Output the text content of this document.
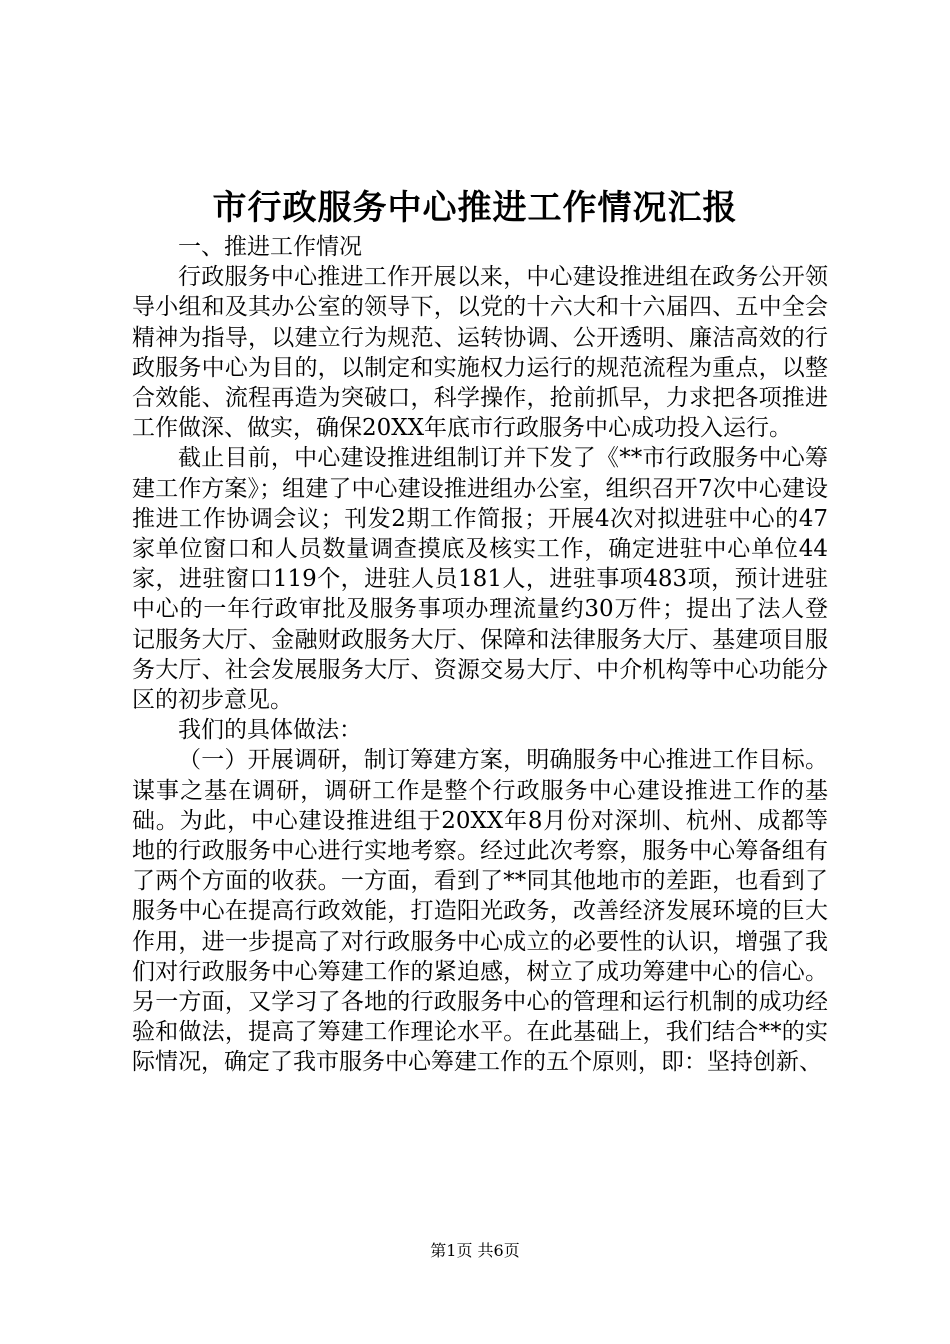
市行政服务中心推进工作情况汇报

一、推进工作情况

行政服务中心推进工作开展以来，中心建设推进组在政务公开领导小组和及其办公室的领导下，以党的十六大和十六届四、五中全会精神为指导，以建立行为规范、运转协调、公开透明、廉洁高效的行政服务中心为目的，以制定和实施权力运行的规范流程为重点，以整合效能、流程再造为突破口，科学操作，抢前抓早，力求把各项推进工作做深、做实，确保20XX年底市行政服务中心成功投入运行。

截止目前，中心建设推进组制订并下发了《**市行政服务中心筹建工作方案》；组建了中心建设推进组办公室，组织召开7次中心建设推进工作协调会议；刊发2期工作简报；开展4次对拟进驻中心的47家单位窗口和人员数量调查摸底及核实工作，确定进驻中心单位44家，进驻窗口119个，进驻人员181人，进驻事项483项，预计进驻中心的一年行政审批及服务事项办理流量约30万件；提出了法人登记服务大厅、金融财政服务大厅、保障和法律服务大厅、基建项目服务大厅、社会发展服务大厅、资源交易大厅、中介机构等中心功能分区的初步意见。

我们的具体做法：

（一）开展调研，制订筹建方案，明确服务中心推进工作目标。谋事之基在调研，调研工作是整个行政服务中心建设推进工作的基础。为此，中心建设推进组于20XX年8月份对深圳、杭州、成都等地的行政服务中心进行实地考察。经过此次考察，服务中心筹备组有了两个方面的收获。一方面，看到了**同其他地市的差距，也看到了服务中心在提高行政效能，打造阳光政务，改善经济发展环境的巨大作用，进一步提高了对行政服务中心成立的必要性的认识，增强了我们对行政服务中心筹建工作的紧迫感，树立了成功筹建中心的信心。另一方面，又学习了各地的行政服务中心的管理和运行机制的成功经验和做法，提高了筹建工作理论水平。在此基础上，我们结合**的实际情况，确定了我市服务中心筹建工作的五个原则，即：坚持创新、

第1页 共6页
